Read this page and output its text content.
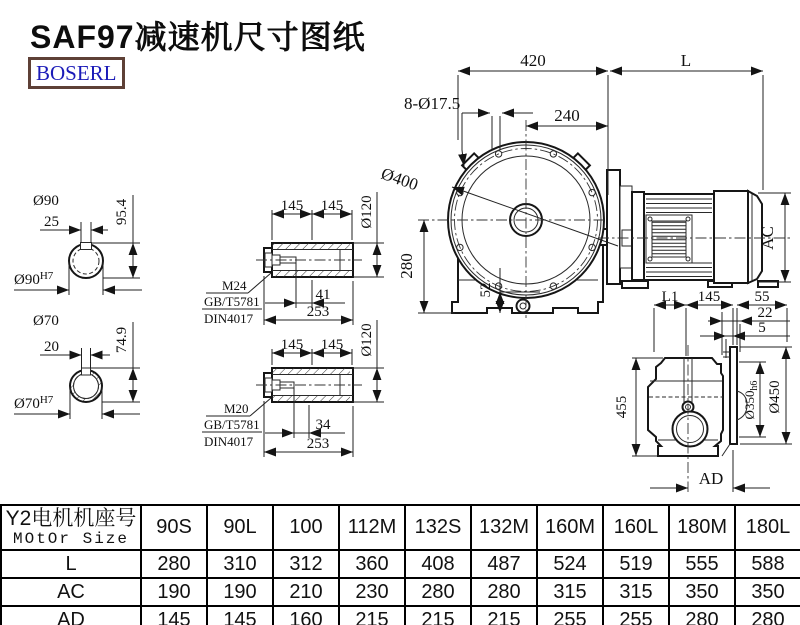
SAF97减速机尺寸图纸
BOSERL
25
Ø90	95.4
$Ø90^{H7}$
20
Ø70
74.9
$Ø70^{H7}$
145 145 Ø120
M24
GB/T5781
DIN4017
41
253
145 145 Ø120
M20
GB/T5781
DIN4017
34
253
420	L
8-Ø17.5
240
Ø400
280
52
AC
L1 145 55
22
5
455	$Ø350_{h6}$ Ø450
AD
Y2电机机座号
MOtOr Size	90S	90L	100	112M	132S	132M	160M	160L	180M	180L
L	280	310	312	360	408	487	524	519	555	588
AC	190	190	210	230	280	280	315	315	350	350
AD	145	145	160	215	215	215	255	255	280	280
